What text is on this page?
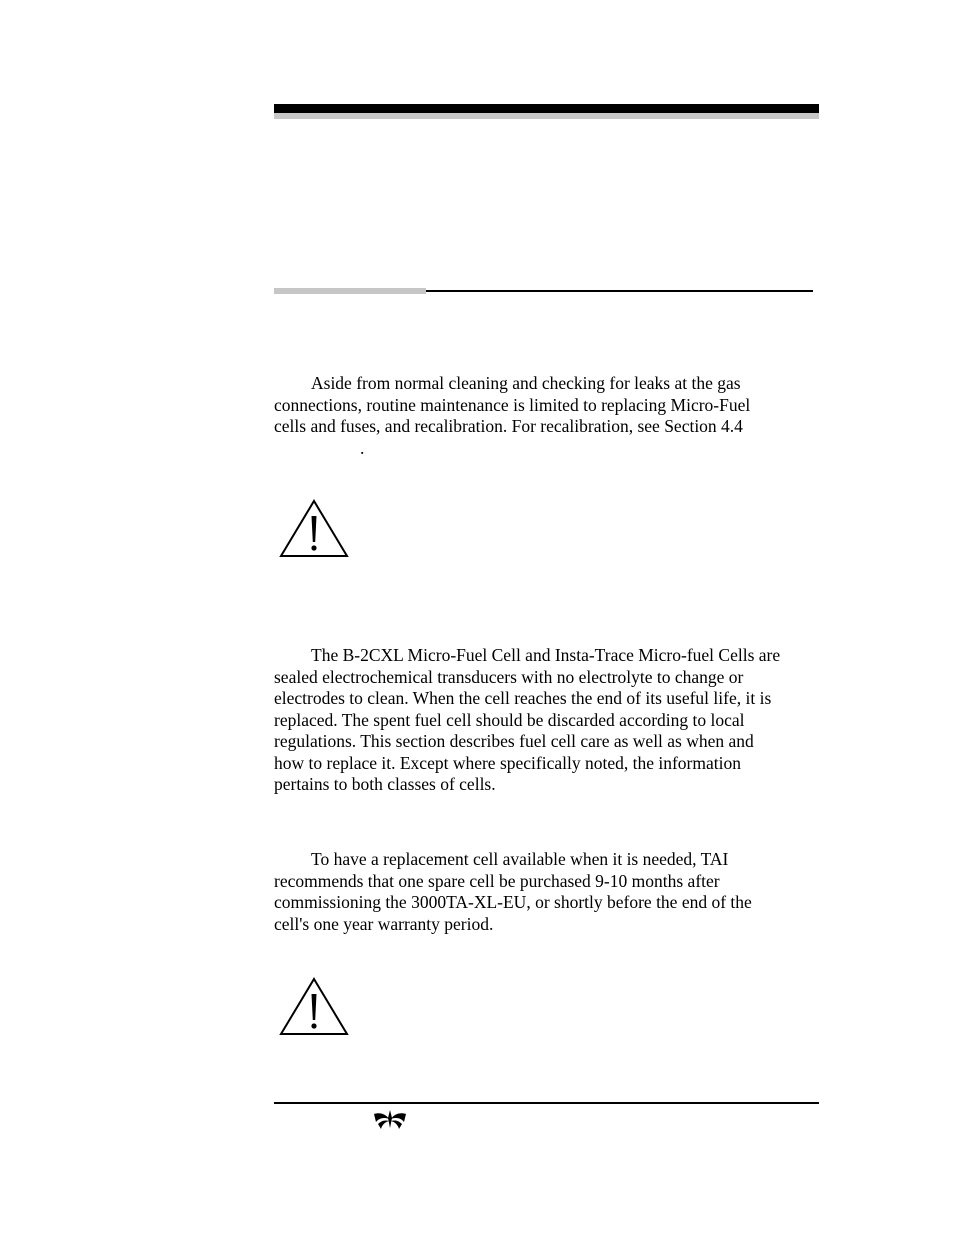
Aside from normal cleaning and checking for leaks at the gas
connections, routine maintenance is limited to replacing Micro-Fuel
cells and fuses, and recalibration. For recalibration, see Section 4.4
.
The B-2CXL Micro-Fuel Cell and Insta-Trace Micro-fuel Cells are
sealed electrochemical transducers with no electrolyte to change or
electrodes to clean. When the cell reaches the end of its useful life, it is
replaced. The spent fuel cell should be discarded according to local
regulations. This section describes fuel cell care as well as when and
how to replace it. Except where specifically noted, the information
pertains to both classes of cells.
To have a replacement cell available when it is needed, TAI
recommends that one spare cell be purchased 9-10 months after
commissioning the 3000TA-XL-EU, or shortly before the end of the
cell's one year warranty period.
